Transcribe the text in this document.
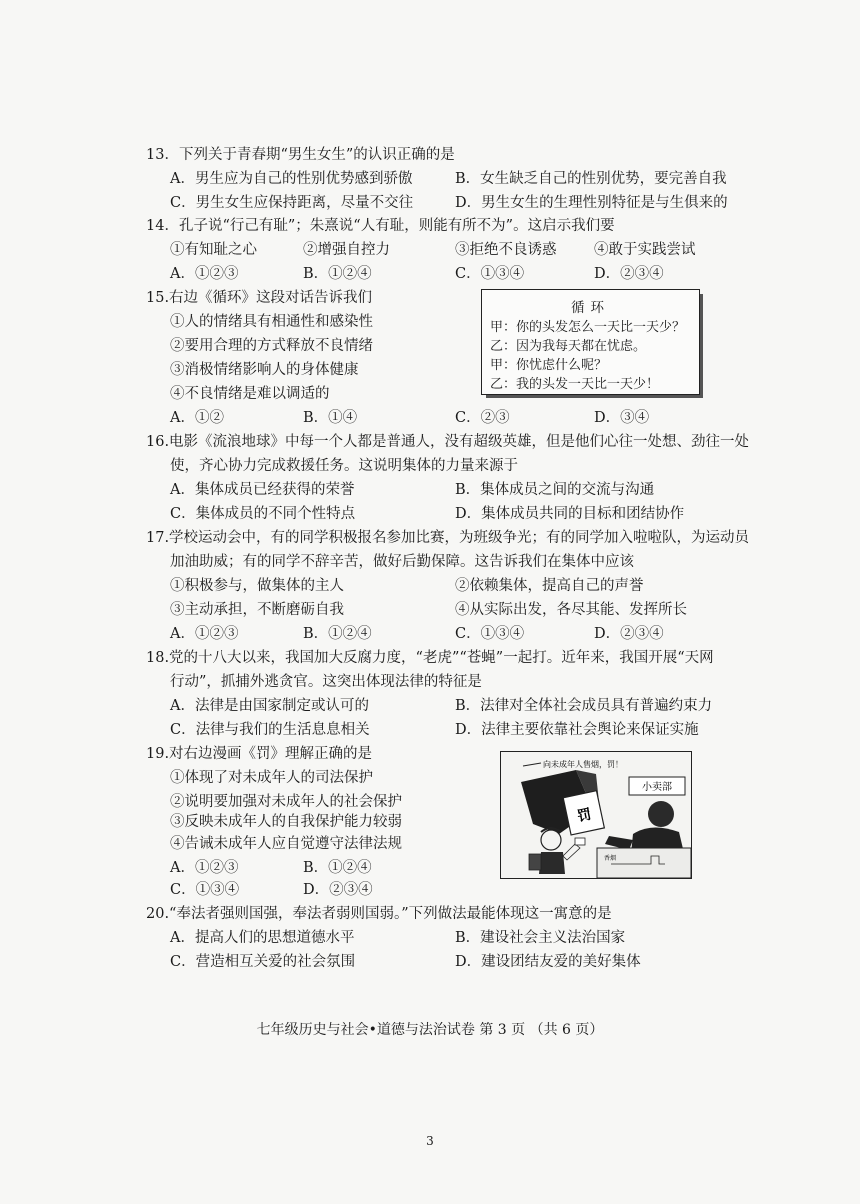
13．下列关于青春期“男生女生”的认识正确的是
A．男生应为自己的性别优势感到骄傲	B．女生缺乏自己的性别优势，要完善自我
C．男生女生应保持距离，尽量不交往	D．男生女生的生理性别特征是与生俱来的
14．孔子说“行己有耻”；朱熹说“人有耻，则能有所不为”。这启示我们要
①有知耻之心	②增强自控力	③拒绝不良诱惑	④敢于实践尝试
A．①②③	B．①②④	C．①③④	D．②③④
15.右边《循环》这段对话告诉我们
①人的情绪具有相通性和感染性
②要用合理的方式释放不良情绪
③消极情绪影响人的身体健康
④不良情绪是难以调适的
A．①②	B．①④	C．②③	D．③④
循环
甲：你的头发怎么一天比一天少？
乙：因为我每天都在忧虑。
甲：你忧虑什么呢？
乙：我的头发一天比一天少！
16.电影《流浪地球》中每一个人都是普通人，没有超级英雄，但是他们心往一处想、劲往一处
使，齐心协力完成救援任务。这说明集体的力量来源于
A．集体成员已经获得的荣誉	B．集体成员之间的交流与沟通
C．集体成员的不同个性特点	D．集体成员共同的目标和团结协作
17.学校运动会中，有的同学积极报名参加比赛，为班级争光；有的同学加入啦啦队，为运动员
加油助威；有的同学不辞辛苦，做好后勤保障。这告诉我们在集体中应该
①积极参与，做集体的主人	②依赖集体，提高自己的声誉
③主动承担，不断磨砺自我	④从实际出发，各尽其能、发挥所长
A．①②③	B．①②④	C．①③④	D．②③④
18.党的十八大以来，我国加大反腐力度，“老虎”“苍蝇”一起打。近年来，我国开展“天网
行动”，抓捕外逃贪官。这突出体现法律的特征是
A．法律是由国家制定或认可的	B．法律对全体社会成员具有普遍约束力
C．法律与我们的生活息息相关	D．法律主要依靠社会舆论来保证实施
19.对右边漫画《罚》理解正确的是
①体现了对未成年人的司法保护
②说明要加强对未成年人的社会保护
③反映未成年人的自我保护能力较弱
④告诫未成年人应自觉遵守法律法规
A．①②③	B．①②④
C．①③④	D．②③④
向未成年人售烟，罚！
小卖部
罚
香烟
20.“奉法者强则国强，奉法者弱则国弱。”下列做法最能体现这一寓意的是
A．提高人们的思想道德水平	B．建设社会主义法治国家
C．营造相互关爱的社会氛围	D．建设团结友爱的美好集体
七年级历史与社会•道德与法治试卷 第 3 页 （共 6 页）
3
